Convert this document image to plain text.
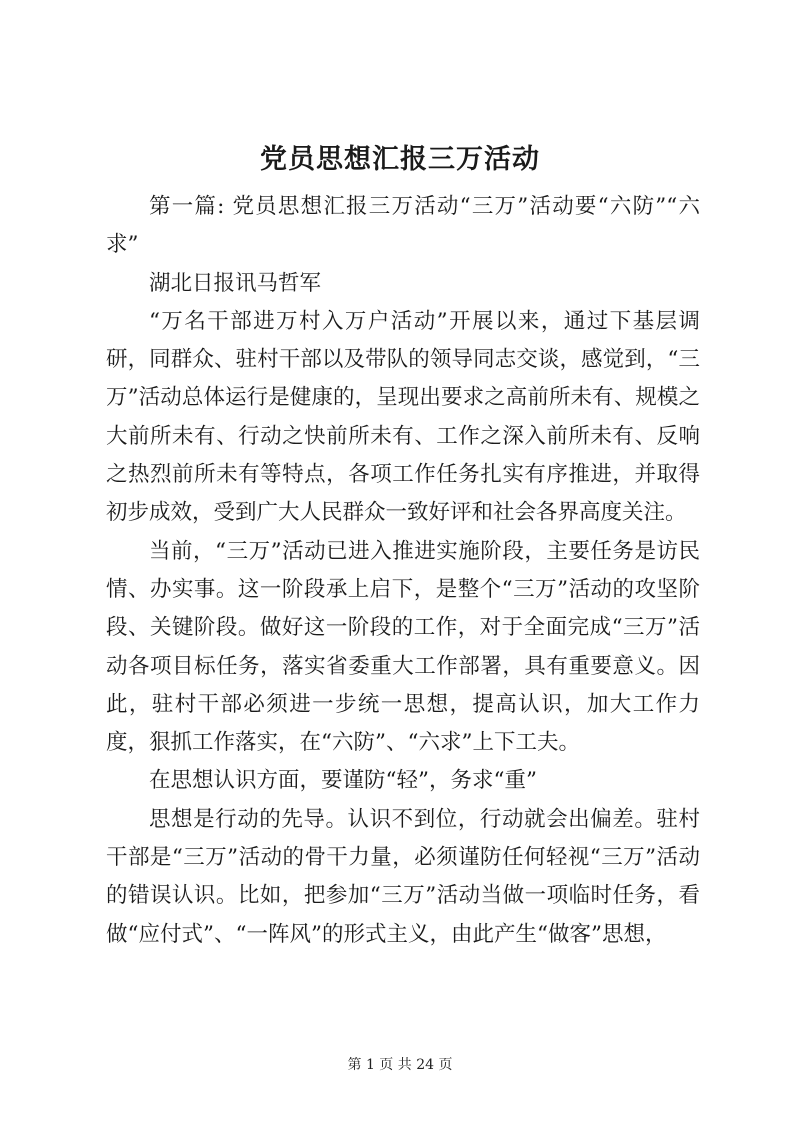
党员思想汇报三万活动

第一篇: 党员思想汇报三万活动“三万”活动要“六防”“六求”

湖北日报讯马哲军

“万名干部进万村入万户活动”开展以来，通过下基层调研，同群众、驻村干部以及带队的领导同志交谈，感觉到，“三万”活动总体运行是健康的，呈现出要求之高前所未有、规模之大前所未有、行动之快前所未有、工作之深入前所未有、反响之热烈前所未有等特点，各项工作任务扎实有序推进，并取得初步成效，受到广大人民群众一致好评和社会各界高度关注。

当前，“三万”活动已进入推进实施阶段，主要任务是访民情、办实事。这一阶段承上启下，是整个“三万”活动的攻坚阶段、关键阶段。做好这一阶段的工作，对于全面完成“三万”活动各项目标任务，落实省委重大工作部署，具有重要意义。因此，驻村干部必须进一步统一思想，提高认识，加大工作力度，狠抓工作落实，在“六防”、“六求”上下工夫。

在思想认识方面，要谨防“轻”，务求“重”

思想是行动的先导。认识不到位，行动就会出偏差。驻村干部是“三万”活动的骨干力量，必须谨防任何轻视“三万”活动的错误认识。比如，把参加“三万”活动当做一项临时任务，看做“应付式”、“一阵风”的形式主义，由此产生“做客”思想，

第 1 页 共 24 页
